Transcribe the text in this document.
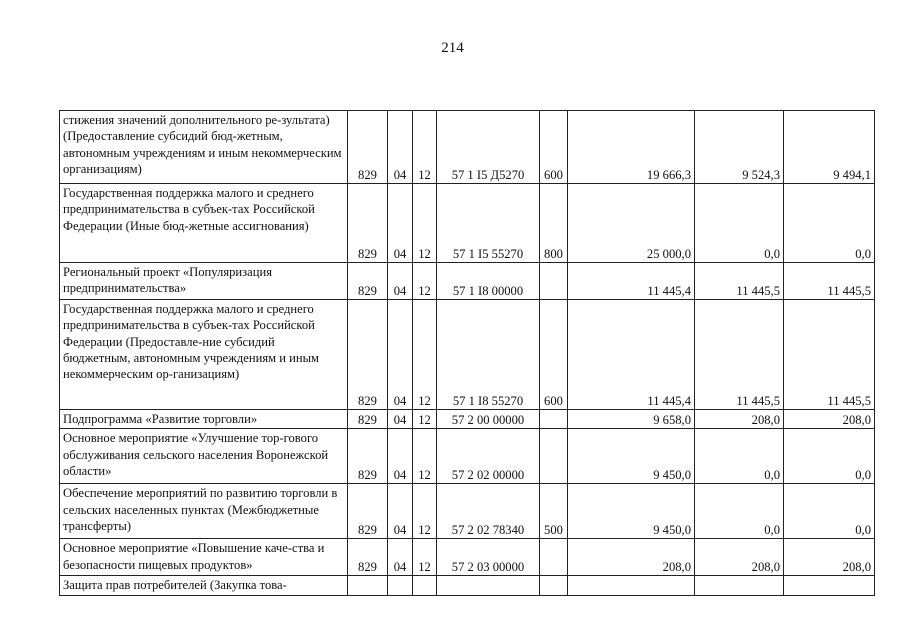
214
стижения значений дополнительного ре-зультата) (Предоставление субсидий бюд-жетным, автономным учреждениям и иным некоммерческим организациям)	829	04	12	57 1 I5 Д5270	600	19 666,3	9 524,3	9 494,1
Государственная поддержка малого и среднего предпринимательства в субъек-тах Российской Федерации (Иные бюд-жетные ассигнования)	829	04	12	57 1 I5 55270	800	25 000,0	0,0	0,0
Региональный проект «Популяризация предпринимательства»	829	04	12	57 1 I8 00000		11 445,4	11 445,5	11 445,5
Государственная поддержка малого и среднего предпринимательства в субъек-тах Российской Федерации (Предоставле-ние субсидий бюджетным, автономным учреждениям и иным некоммерческим ор-ганизациям)	829	04	12	57 1 I8 55270	600	11 445,4	11 445,5	11 445,5
Подпрограмма «Развитие торговли»	829	04	12	57 2 00 00000		9 658,0	208,0	208,0
Основное мероприятие «Улучшение тор-гового обслуживания сельского населения Воронежской области»	829	04	12	57 2 02 00000		9 450,0	0,0	0,0
Обеспечение мероприятий по развитию торговли в сельских населенных пунктах (Межбюджетные трансферты)	829	04	12	57 2 02 78340	500	9 450,0	0,0	0,0
Основное мероприятие «Повышение каче-ства и безопасности пищевых продуктов»	829	04	12	57 2 03 00000		208,0	208,0	208,0
Защита прав потребителей (Закупка това-								
